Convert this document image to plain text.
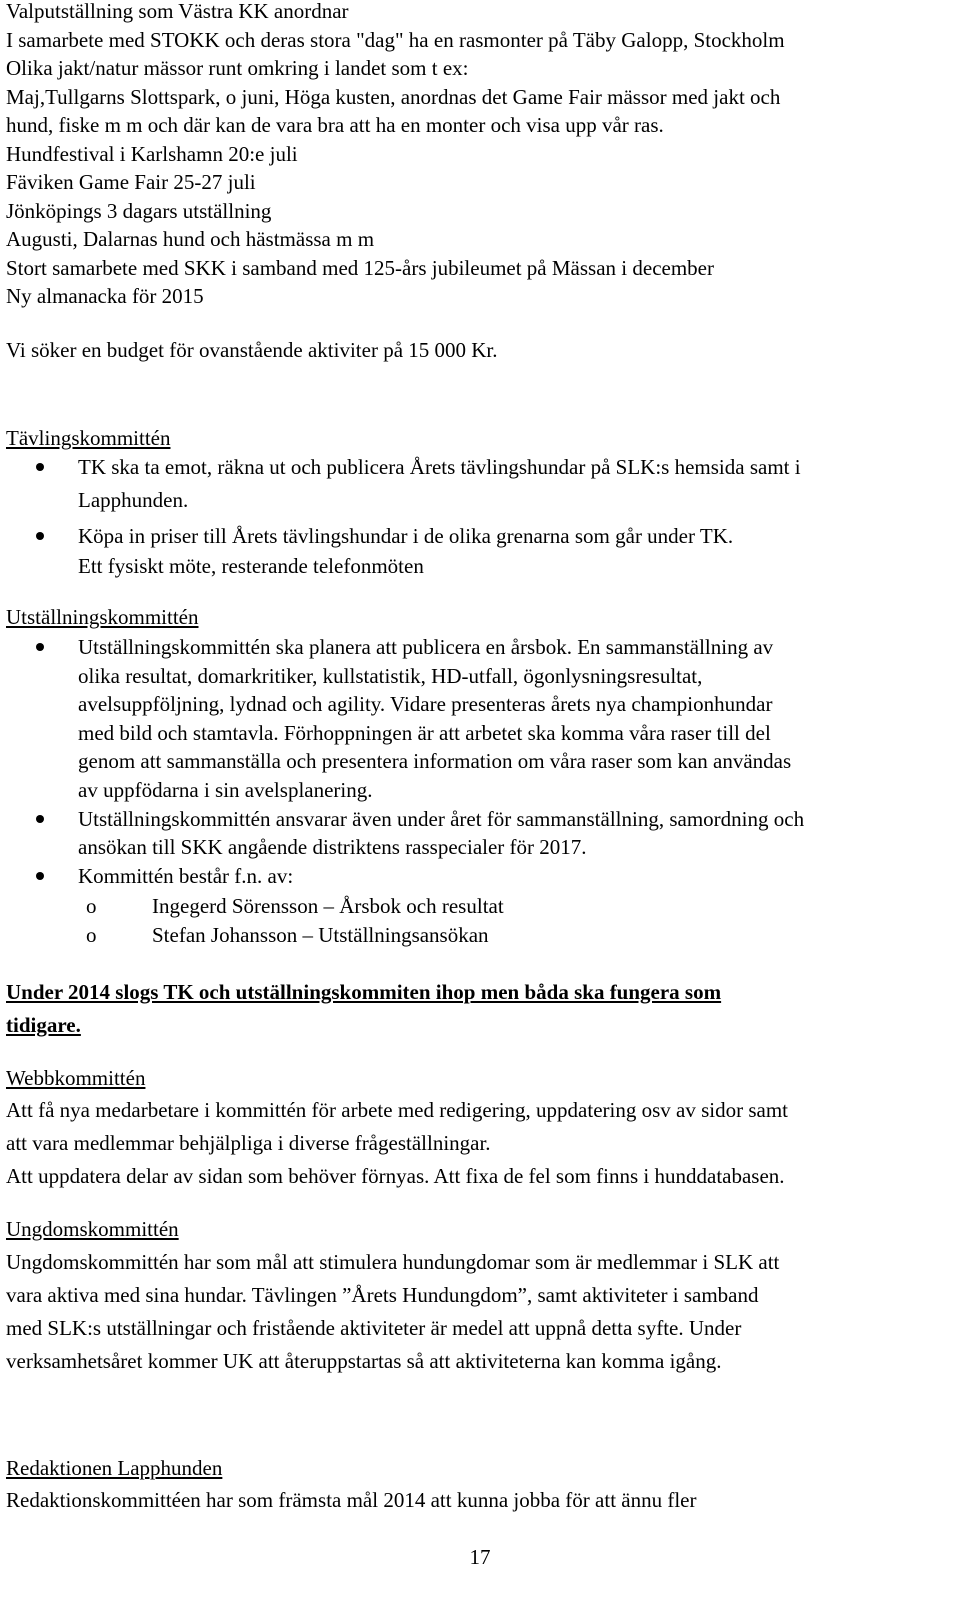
Valputställning som Västra KK anordnar
I samarbete med STOKK och deras stora "dag" ha en rasmonter på Täby Galopp, Stockholm
Olika jakt/natur mässor runt omkring i landet som t ex:
Maj,Tullgarns Slottspark, o juni, Höga kusten, anordnas det Game Fair mässor med jakt och
hund, fiske m m och där kan de vara bra att ha en monter och visa upp vår ras.
Hundfestival i Karlshamn 20:e juli
Fäviken Game Fair 25-27 juli
Jönköpings 3 dagars utställning
Augusti, Dalarnas hund och hästmässa m m
Stort samarbete med SKK i samband med 125-års jubileumet på Mässan i december
Ny almanacka för 2015
Vi söker en budget för ovanstående aktiviter på 15 000 Kr.
Tävlingskommittén
TK ska ta emot, räkna ut och publicera Årets tävlingshundar på SLK:s hemsida samt i
Lapphunden.
Köpa in priser till Årets tävlingshundar i de olika grenarna som går under TK.
Ett fysiskt möte, resterande telefonmöten
Utställningskommittén
Utställningskommittén ska planera att publicera en årsbok. En sammanställning av
olika resultat, domarkritiker, kullstatistik, HD-utfall, ögonlysningsresultat,
avelsuppföljning, lydnad och agility. Vidare presenteras årets nya championhundar
med bild och stamtavla. Förhoppningen är att arbetet ska komma våra raser till del
genom att sammanställa och presentera information om våra raser som kan användas
av uppfödarna i sin avelsplanering.
Utställningskommittén ansvarar även under året för sammanställning, samordning och
ansökan till SKK angående distriktens rasspecialer för 2017.
Kommittén består f.n. av:
o	Ingegerd Sörensson – Årsbok och resultat
o	Stefan Johansson – Utställningsansökan
Under 2014 slogs TK och utställningskommiten ihop men båda ska fungera som
tidigare.
Webbkommittén
Att få nya medarbetare i kommittén för arbete med redigering, uppdatering osv av sidor samt
att vara medlemmar behjälpliga i diverse frågeställningar.
Att uppdatera delar av sidan som behöver förnyas. Att fixa de fel som finns i hunddatabasen.
Ungdomskommittén
Ungdomskommittén har som mål att stimulera hundungdomar som är medlemmar i SLK att
vara aktiva med sina hundar. Tävlingen ”Årets Hundungdom”, samt aktiviteter i samband
med SLK:s utställningar och fristående aktiviteter är medel att uppnå detta syfte. Under
verksamhetsåret kommer UK att återuppstartas så att aktiviteterna kan komma igång.
Redaktionen Lapphunden
Redaktionskommittéen har som främsta mål 2014 att kunna jobba för att ännu fler
17
